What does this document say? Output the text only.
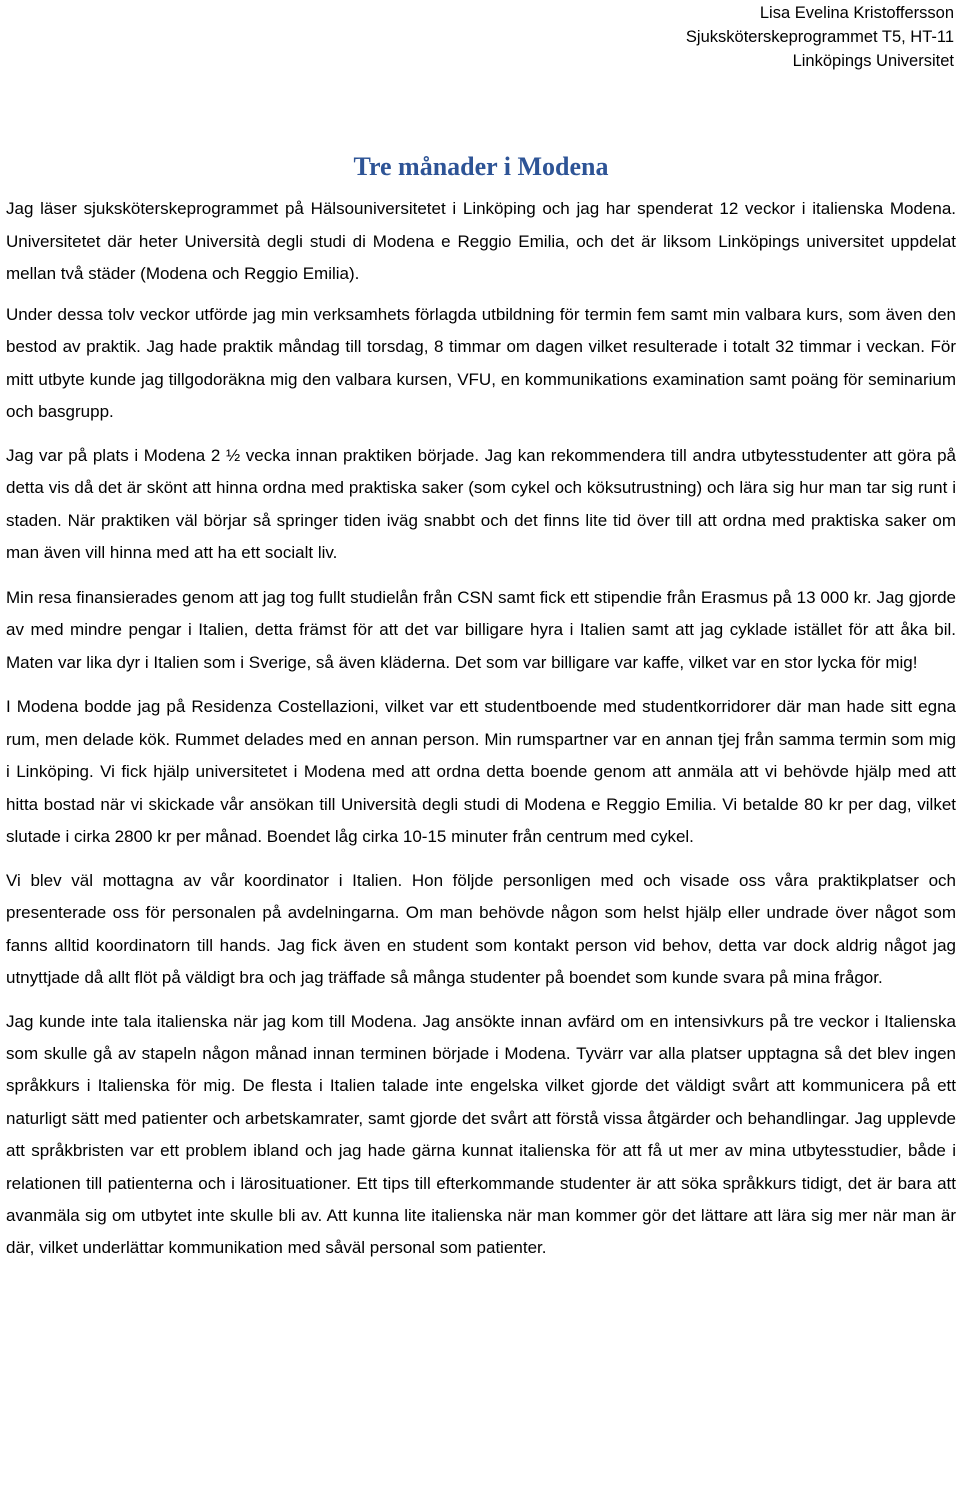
Lisa Evelina Kristoffersson
Sjuksköterskeprogrammet T5, HT-11
Linköpings Universitet
Tre månader i Modena

Jag läser sjuksköterskeprogrammet på Hälsouniversitetet i Linköping och jag har spenderat 12 veckor i italienska Modena. Universitetet där heter Università degli studi di Modena e Reggio Emilia, och det är liksom Linköpings universitet uppdelat mellan två städer (Modena och Reggio Emilia).

Under dessa tolv veckor utförde jag min verksamhets förlagda utbildning för termin fem samt min valbara kurs, som även den bestod av praktik. Jag hade praktik måndag till torsdag, 8 timmar om dagen vilket resulterade i totalt 32 timmar i veckan. För mitt utbyte kunde jag tillgodoräkna mig den valbara kursen, VFU, en kommunikations examination samt poäng för seminarium och basgrupp.

Jag var på plats i Modena 2 ½ vecka innan praktiken började. Jag kan rekommendera till andra utbytesstudenter att göra på detta vis då det är skönt att hinna ordna med praktiska saker (som cykel och köksutrustning) och lära sig hur man tar sig runt i staden. När praktiken väl börjar så springer tiden iväg snabbt och det finns lite tid över till att ordna med praktiska saker om man även vill hinna med att ha ett socialt liv.

Min resa finansierades genom att jag tog fullt studielån från CSN samt fick ett stipendie från Erasmus på 13 000 kr. Jag gjorde av med mindre pengar i Italien, detta främst för att det var billigare hyra i Italien samt att jag cyklade istället för att åka bil. Maten var lika dyr i Italien som i Sverige, så även kläderna. Det som var billigare var kaffe, vilket var en stor lycka för mig!

I Modena bodde jag på Residenza Costellazioni, vilket var ett studentboende med studentkorridorer där man hade sitt egna rum, men delade kök. Rummet delades med en annan person. Min rumspartner var en annan tjej från samma termin som mig i Linköping. Vi fick hjälp universitetet i Modena med att ordna detta boende genom att anmäla att vi behövde hjälp med att hitta bostad när vi skickade vår ansökan till Università degli studi di Modena e Reggio Emilia. Vi betalde 80 kr per dag, vilket slutade i cirka 2800 kr per månad. Boendet låg cirka 10-15 minuter från centrum med cykel.

Vi blev väl mottagna av vår koordinator i Italien. Hon följde personligen med och visade oss våra praktikplatser och presenterade oss för personalen på avdelningarna. Om man behövde någon som helst hjälp eller undrade över något som fanns alltid koordinatorn till hands. Jag fick även en student som kontakt person vid behov, detta var dock aldrig något jag utnyttjade då allt flöt på väldigt bra och jag träffade så många studenter på boendet som kunde svara på mina frågor.

Jag kunde inte tala italienska när jag kom till Modena. Jag ansökte innan avfärd om en intensivkurs på tre veckor i Italienska som skulle gå av stapeln någon månad innan terminen började i Modena. Tyvärr var alla platser upptagna så det blev ingen språkkurs i Italienska för mig. De flesta i Italien talade inte engelska vilket gjorde det väldigt svårt att kommunicera på ett naturligt sätt med patienter och arbetskamrater, samt gjorde det svårt att förstå vissa åtgärder och behandlingar. Jag upplevde att språkbristen var ett problem ibland och jag hade gärna kunnat italienska för att få ut mer av mina utbytesstudier, både i relationen till patienterna och i lärosituationer. Ett tips till efterkommande studenter är att söka språkkurs tidigt, det är bara att avanmäla sig om utbytet inte skulle bli av. Att kunna lite italienska när man kommer gör det lättare att lära sig mer när man är där, vilket underlättar kommunikation med såväl personal som patienter.
